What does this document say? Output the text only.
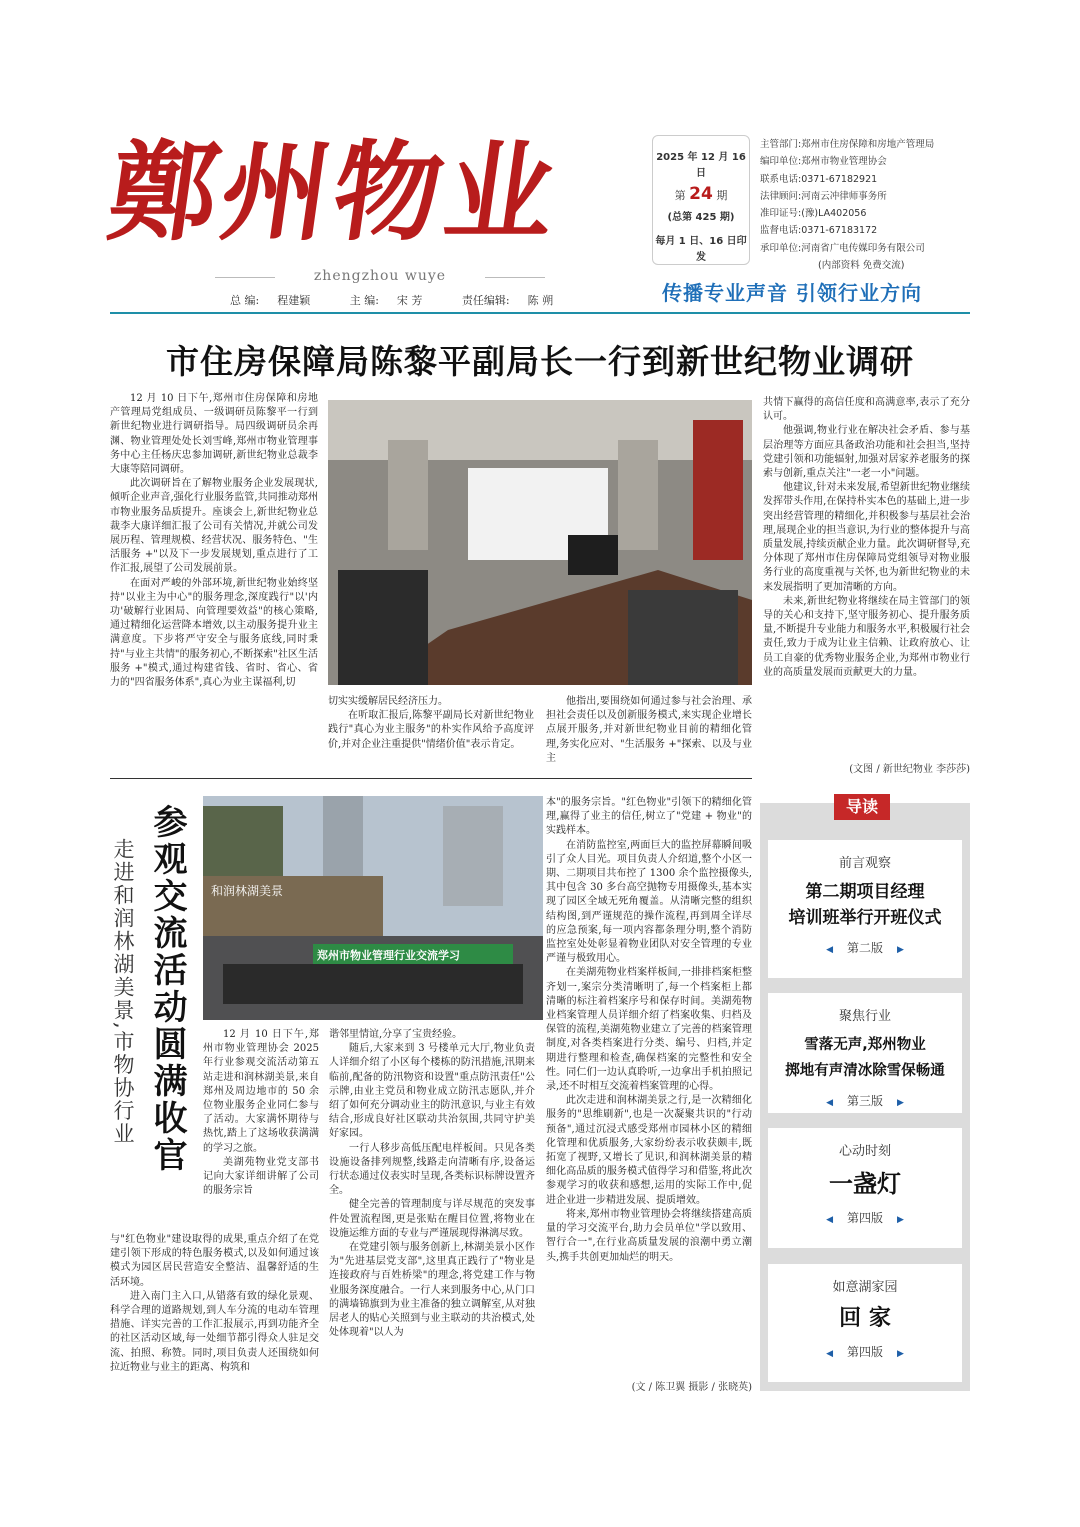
鄭州物业
zhengzhou wuye
总 编: 程建颖	主 编: 宋 芳	责任编辑: 陈 朔
2025 年 12 月 16 日
第 24 期
(总第 425 期)
每月 1 日、16 日印发
主管部门:郑州市住房保障和房地产管理局
编印单位:郑州市物业管理协会
联系电话:0371-67182921
法律顾问:河南云冲律师事务所
准印证号:(豫)LA402056
监督电话:0371-67183172
承印单位:河南省广电传媒印务有限公司
(内部资料 免费交流)
传播专业声音 引领行业方向
市住房保障局陈黎平副局长一行到新世纪物业调研

12 月 10 日下午,郑州市住房保障和房地产管理局党组成员、一级调研员陈黎平一行到新世纪物业进行调研指导。局四级调研员余再渊、物业管理处处长刘雪峰,郑州市物业管理事务中心主任杨庆忠参加调研,新世纪物业总裁李大康等陪同调研。

此次调研旨在了解物业服务企业发展现状,倾听企业声音,强化行业服务监管,共同推动郑州市物业服务品质提升。座谈会上,新世纪物业总裁李大康详细汇报了公司有关情况,并就公司发展历程、管理规模、经营状况、服务特色、"生活服务 +"以及下一步发展规划,重点进行了工作汇报,展望了公司发展前景。

在面对严峻的外部环境,新世纪物业始终坚持"以业主为中心"的服务理念,深度践行"以'内功'破解行业困局、向管理要效益"的核心策略,通过精细化运营降本增效,以主动服务提升业主满意度。下步将严守安全与服务底线,同时秉持"与业主共情"的服务初心,不断探索"社区生活服务 +"模式,通过构建省钱、省时、省心、省力的"四省服务体系",真心为业主谋福利,切

切实实缓解居民经济压力。

在听取汇报后,陈黎平副局长对新世纪物业践行"真心为业主服务"的朴实作风给予高度评价,并对企业注重提供"情绪价值"表示肯定。

他指出,要围绕如何通过参与社会治理、承担社会责任以及创新服务模式,来实现企业增长点展开服务,并对新世纪物业目前的精细化管理,务实化应对、"生活服务 +"探索、以及与业主

共情下赢得的高信任度和高满意率,表示了充分认可。

他强调,物业行业在解决社会矛盾、参与基层治理等方面应具备政治功能和社会担当,坚持党建引领和功能辐射,加强对居家养老服务的探索与创新,重点关注"一老一小"问题。

他建议,针对未来发展,希望新世纪物业继续发挥带头作用,在保持朴实本色的基础上,进一步突出经营管理的精细化,并积极参与基层社会治理,展现企业的担当意识,为行业的整体提升与高质量发展,持续贡献企业力量。此次调研督导,充分体现了郑州市住房保障局党组领导对物业服务行业的高度重视与关怀,也为新世纪物业的未来发展指明了更加清晰的方向。

未来,新世纪物业将继续在局主管部门的领导的关心和支持下,坚守服务初心、提升服务质量,不断提升专业能力和服务水平,积极履行社会责任,致力于成为让业主信赖、让政府放心、让员工自豪的优秀物业服务企业,为郑州市物业行业的高质量发展而贡献更大的力量。

(文图 / 新世纪物业 李莎莎)
走进和润林湖美景,市物协行业 参观交流活动圆满收官 和润林湖美景
郑州市物业管理行业交流学习

12 月 10 日下午,郑州市物业管理协会 2025 年行业参观交流活动第五站走进和润林湖美景,来自郑州及周边地市的 50 余位物业服务企业同仁参与了活动。大家满怀期待与热忱,踏上了这场收获满满的学习之旅。

美湖苑物业党支部书记向大家详细讲解了公司的服务宗旨

与"红色物业"建设取得的成果,重点介绍了在党建引领下形成的特色服务模式,以及如何通过该模式为园区居民营造安全整洁、温馨舒适的生活环境。

进入南门主入口,从错落有致的绿化景观、科学合理的道路规划,到人车分流的电动车管理措施、详实完善的工作汇报展示,再到功能齐全的社区活动区域,每一处细节都引得众人驻足交流、拍照、称赞。同时,项目负责人还围绕如何拉近物业与业主的距离、构筑和

谐邻里情谊,分享了宝贵经验。

随后,大家来到 3 号楼单元大厅,物业负责人详细介绍了小区每个楼栋的防汛措施,汛期来临前,配备的防汛物资和设置"重点防汛责任"公示牌,由业主党员和物业成立防汛志愿队,并介绍了如何充分调动业主的防汛意识,与业主有效结合,形成良好社区联动共治氛围,共同守护美好家园。

一行人移步高低压配电样板间。只见各类设施设备排列规整,线路走向清晰有序,设备运行状态通过仪表实时呈现,各类标识标牌设置齐全。

健全完善的管理制度与详尽规范的突发事件处置流程图,更是张贴在醒目位置,将物业在设施运维方面的专业与严谨展现得淋漓尽致。

在党建引领与服务创新上,林湖美景小区作为"先进基层党支部",这里真正践行了"物业是连接政府与百姓桥梁"的理念,将党建工作与物业服务深度融合。一行人来到服务中心,从门口的满墙锦旗到为业主准备的独立调解室,从对独居老人的贴心关照到与业主联动的共治模式,处处体现着"以人为

本"的服务宗旨。"红色物业"引领下的精细化管理,赢得了业主的信任,树立了"党建 + 物业"的实践样本。

在消防监控室,两面巨大的监控屏幕瞬间吸引了众人目光。项目负责人介绍道,整个小区一期、二期项目共布控了 1300 余个监控摄像头,其中包含 30 多台高空抛物专用摄像头,基本实现了园区全域无死角覆盖。从清晰完整的组织结构图,到严谨规范的操作流程,再到周全详尽的应急预案,每一项内容都条理分明,整个消防监控室处处彰显着物业团队对安全管理的专业严谨与极致用心。

在美湖苑物业档案样板间,一排排档案柜整齐划一,案宗分类清晰明了,每一个档案柜上都清晰的标注着档案序号和保存时间。美湖苑物业档案管理人员详细介绍了档案收集、归档及保管的流程,美湖苑物业建立了完善的档案管理制度,对各类档案进行分类、编号、归档,并定期进行整理和检查,确保档案的完整性和安全性。同仁们一边认真聆听,一边拿出手机拍照记录,还不时相互交流着档案管理的心得。

此次走进和润林湖美景之行,是一次精细化服务的"思维刷新",也是一次凝聚共识的"行动预备",通过沉浸式感受郑州市园林小区的精细化管理和优质服务,大家纷纷表示收获颇丰,既拓宽了视野,又增长了见识,和润林湖美景的精细化高品质的服务模式值得学习和借鉴,将此次参观学习的收获和感想,运用的实际工作中,促进企业进一步精进发展、提质增效。

将来,郑州市物业管理协会将继续搭建高质量的学习交流平台,助力会员单位"学以致用、智行合一",在行业高质量发展的浪潮中勇立潮头,携手共创更加灿烂的明天。

(文 / 陈卫翼 摄影 / 张晓英)
导读
前言观察
第二期项目经理
培训班举行开班仪式
◀ 第二版 ▶
聚焦行业
雪落无声,郑州物业
掷地有声清冰除雪保畅通
◀ 第三版 ▶
心动时刻
一盏灯
◀ 第四版 ▶
如意湖家园
回 家
◀ 第四版 ▶
